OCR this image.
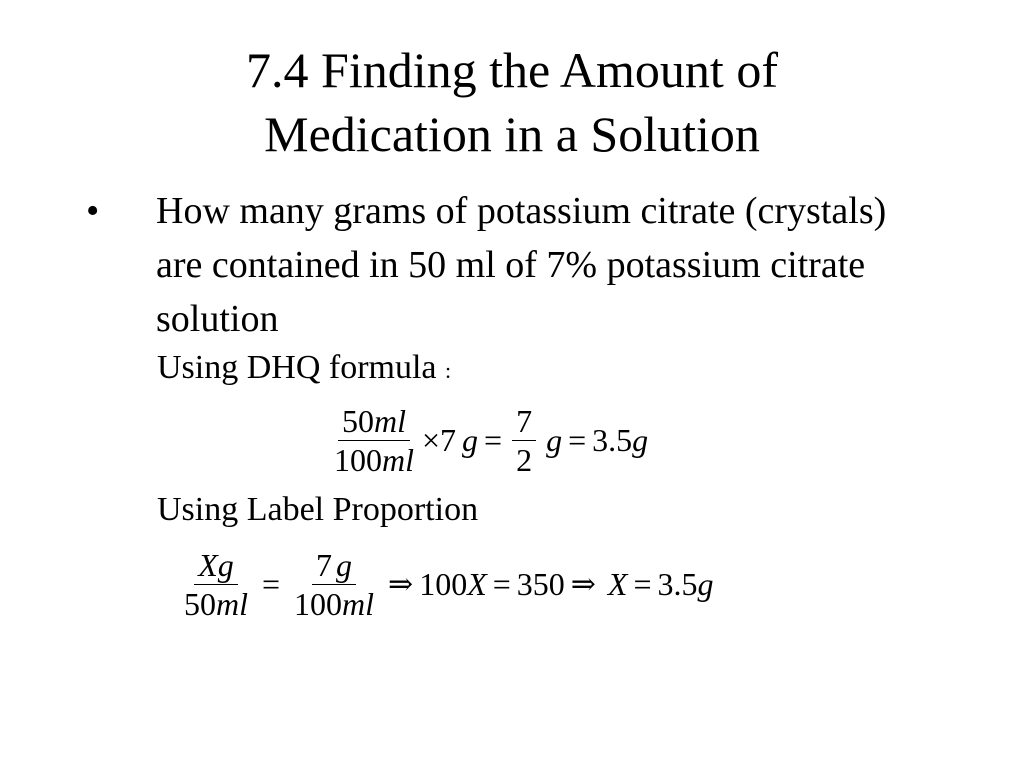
7.4 Finding the Amount of
Medication in a Solution
• How many grams of potassium citrate (crystals) are contained in 50 ml of 7% potassium citrate solution
Using DHQ formula :
$\frac{50ml}{100ml} \times 7$ $g = \frac{7}{2}$ g = 3.5 g
Using Label Proportion
$\frac{Xg}{50ml} = \frac{7 g}{100ml}$ ⇒ 100 X = 350 ⇒ X = 3.5 g
